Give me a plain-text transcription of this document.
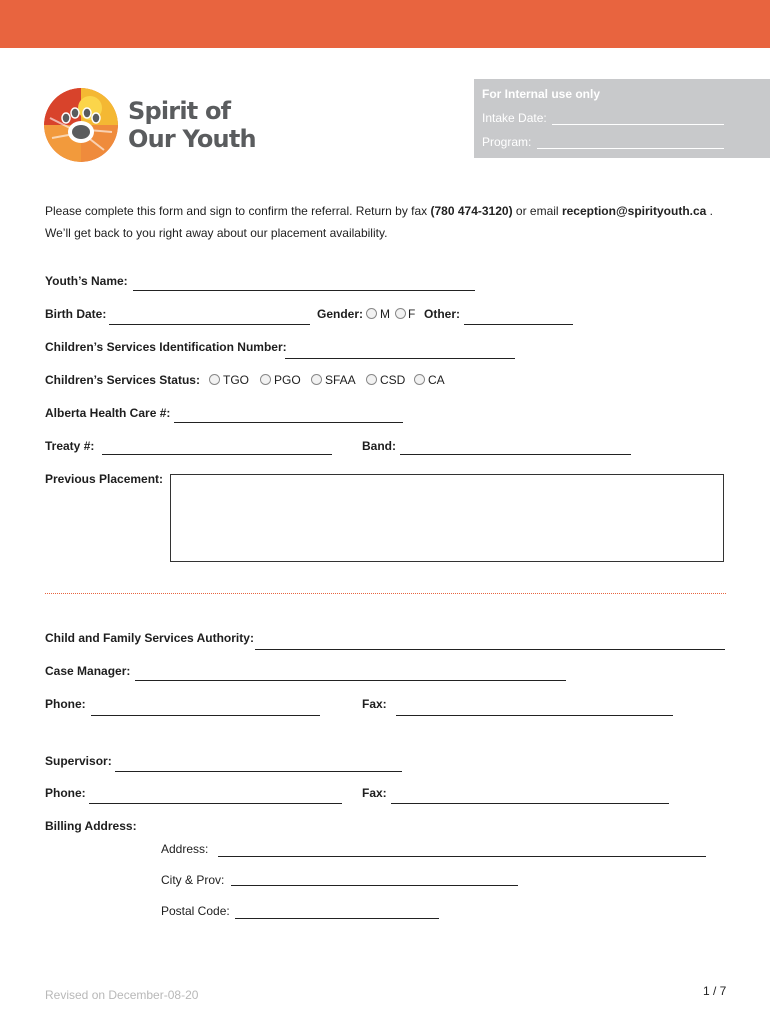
Spirit of
Our Youth
For Internal use only
Intake Date:
Program:
Please complete this form and sign to confirm the referral. Return by fax (780 474-3120) or email reception@spirityouth.ca .
We’ll get back to you right away about our placement availability.
Youth’s Name:
Birth Date:	Gender: M F Other:
Children’s Services Identification Number:
Children’s Services Status: TGO PGO SFAA CSD CA
Alberta Health Care #:
Treaty #:	Band:
Previous Placement:
Child and Family Services Authority:
Case Manager:
Phone:	Fax:
Supervisor:
Phone:	Fax:
Billing Address:
Address:
City & Prov:
Postal Code:
Revised on December-08-20	1 / 7
